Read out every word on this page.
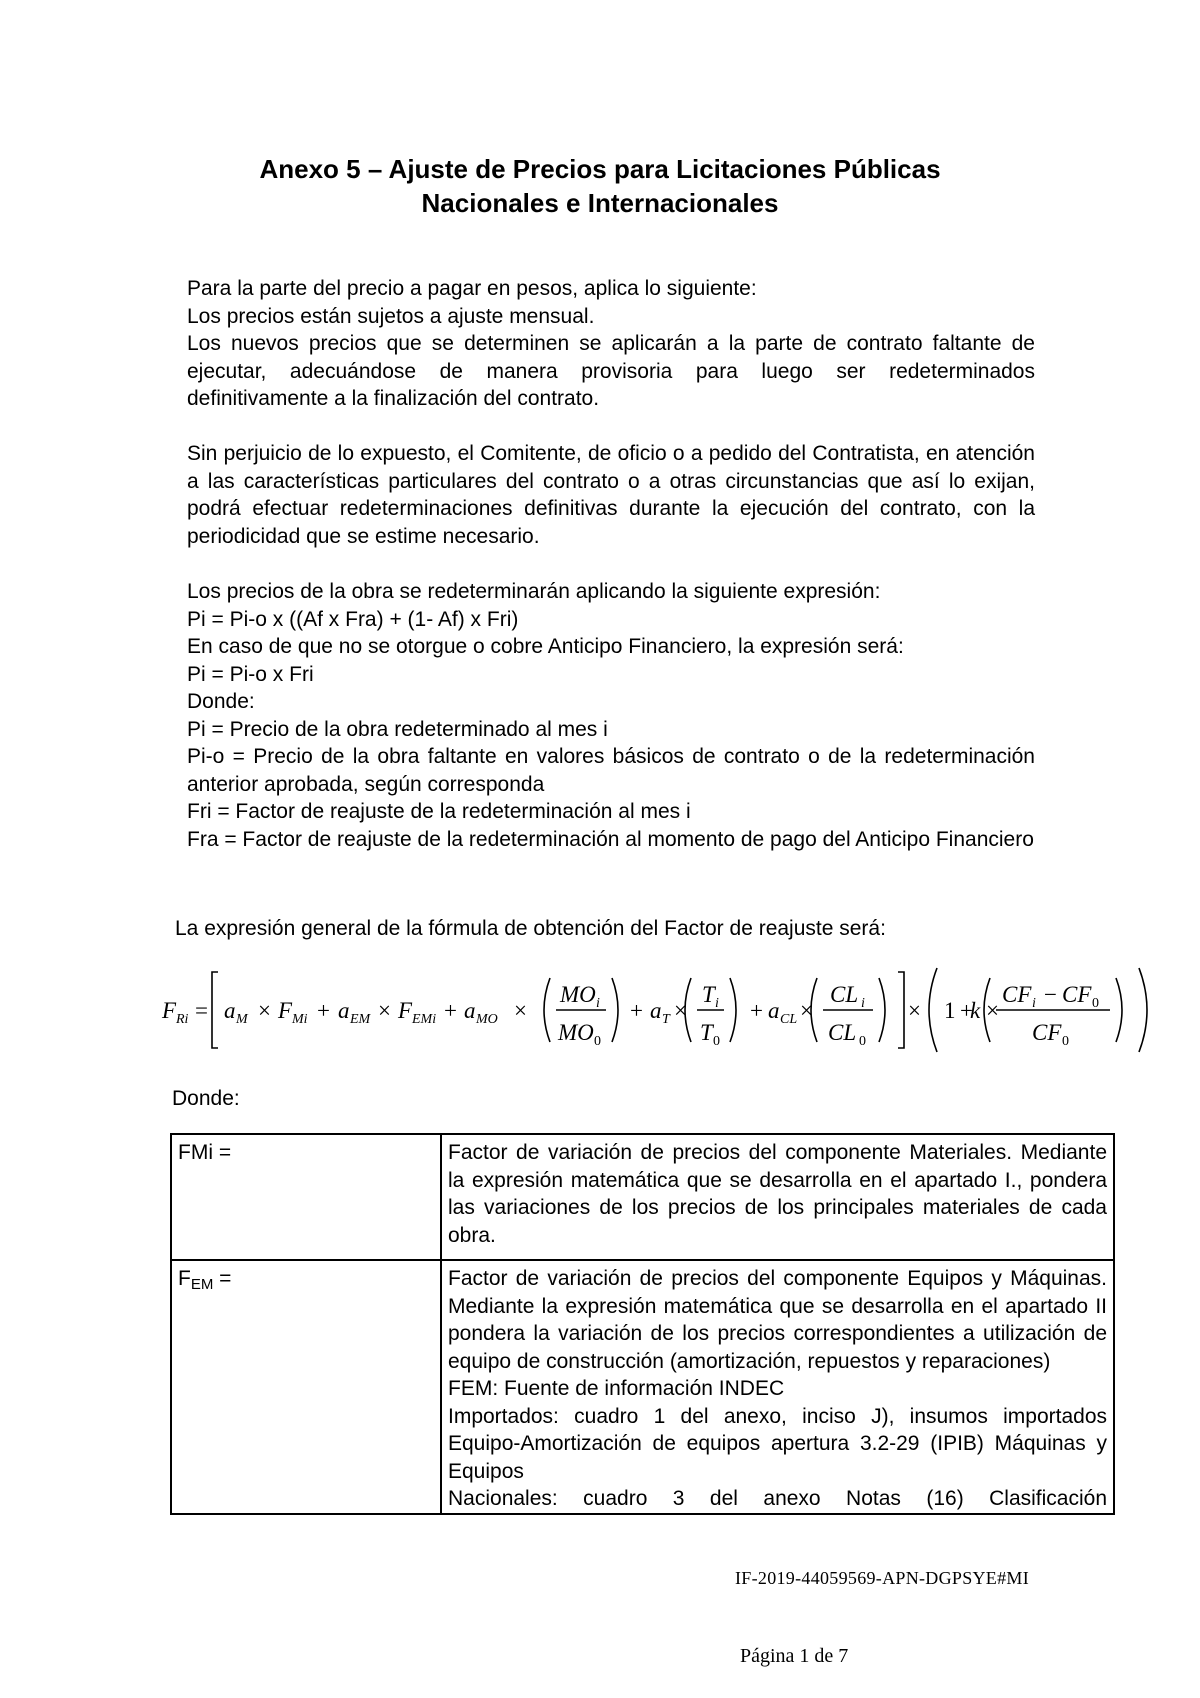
Anexo 5 – Ajuste de Precios para Licitaciones Públicas
Nacionales e Internacionales

Para la parte del precio a pagar en pesos, aplica lo siguiente:

Los precios están sujetos a ajuste mensual.

Los nuevos precios que se determinen se aplicarán a la parte de contrato faltante de ejecutar, adecuándose de manera provisoria para luego ser redeterminados definitivamente a la finalización del contrato.

Sin perjuicio de lo expuesto, el Comitente, de oficio o a pedido del Contratista, en atención a las características particulares del contrato o a otras circunstancias que así lo exijan, podrá efectuar redeterminaciones definitivas durante la ejecución del contrato, con la periodicidad que se estime necesario.

Los precios de la obra se redeterminarán aplicando la siguiente expresión:

Pi = Pi-o x ((Af x Fra) + (1- Af) x Fri)

En caso de que no se otorgue o cobre Anticipo Financiero, la expresión será:

Pi = Pi-o x Fri

Donde:

Pi = Precio de la obra redeterminado al mes i

Pi-o = Precio de la obra faltante en valores básicos de contrato o de la redeterminación anterior aprobada, según corresponda

Fri = Factor de reajuste de la redeterminación al mes i

Fra = Factor de reajuste de la redeterminación al momento de pago del Anticipo Financiero

La expresión general de la fórmula de obtención del Factor de reajuste será:
F Ri = a M × F Mi + a EM × F EMi + a MO ×
MO i
MO 0
+ a T ×
T i
T 0
+ a CL ×
CL i
CL 0
× 1 +
k ×
CF i − CF 0
CF 0
Donde:
FMi =	Factor de variación de precios del componente Materiales. Mediante la expresión matemática que se desarrolla en el apartado I., pondera las variaciones de los precios de los principales materiales de cada obra.

$F_{EM}$ =	Factor de variación de precios del componente Equipos y Máquinas. Mediante la expresión matemática que se desarrolla en el apartado II pondera la variación de los precios correspondientes a utilización de equipo de construcción (amortización, repuestos y reparaciones)
FEM: Fuente de información INDEC
Importados: cuadro 1 del anexo, inciso J), insumos importados Equipo-Amortización de equipos apertura 3.2-29 (IPIB) Máquinas y Equipos
Nacionales: cuadro 3 del anexo Notas (16) Clasificación
IF-2019-44059569-APN-DGPSYE#MI
Página 1 de 7
